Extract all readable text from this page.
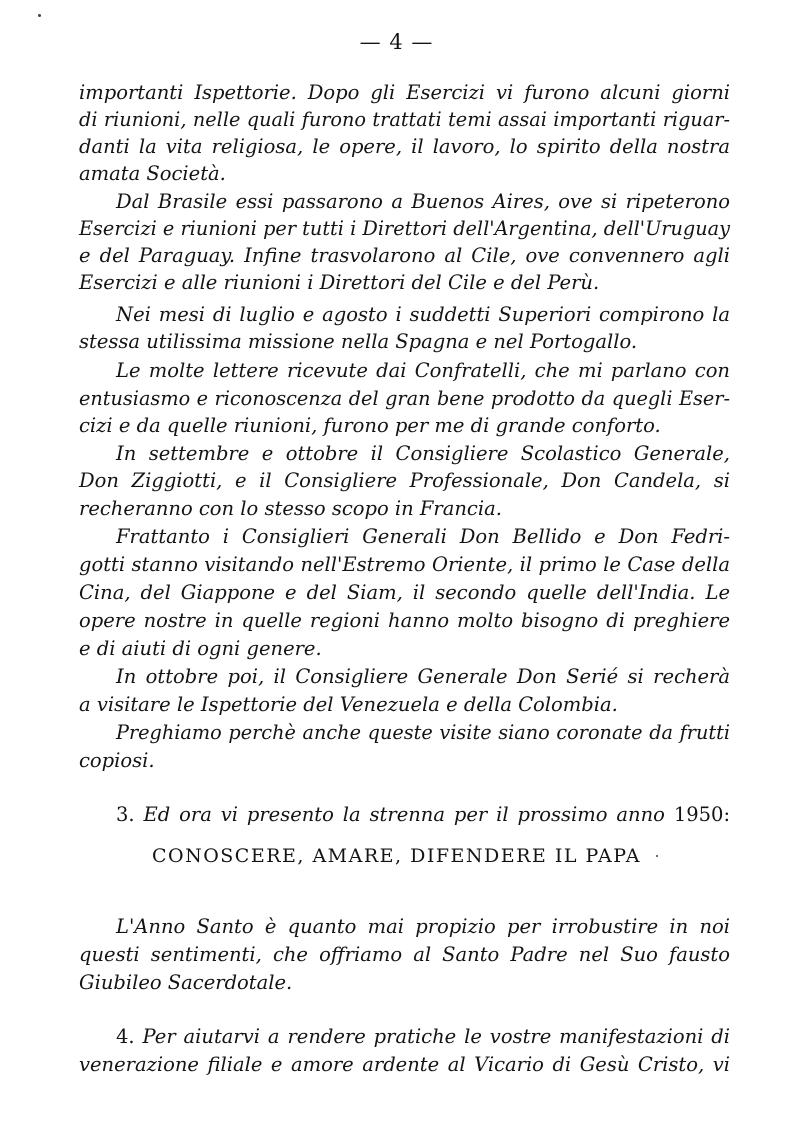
— 4 —
importanti Ispettorie. Dopo gli Esercizi vi furono alcuni giorni
di riunioni, nelle quali furono trattati temi assai importanti riguar-
danti la vita religiosa, le opere, il lavoro, lo spirito della nostra
amata Società.
Dal Brasile essi passarono a Buenos Aires, ove si ripeterono
Esercizi e riunioni per tutti i Direttori dell'Argentina, dell'Uruguay
e del Paraguay. Infine trasvolarono al Cile, ove convennero agli
Esercizi e alle riunioni i Direttori del Cile e del Perù.
Nei mesi di luglio e agosto i suddetti Superiori compirono la
stessa utilissima missione nella Spagna e nel Portogallo.
Le molte lettere ricevute dai Confratelli, che mi parlano con
entusiasmo e riconoscenza del gran bene prodotto da quegli Eser-
cizi e da quelle riunioni, furono per me di grande conforto.
In settembre e ottobre il Consigliere Scolastico Generale,
Don Ziggiotti, e il Consigliere Professionale, Don Candela, si
recheranno con lo stesso scopo in Francia.
Frattanto i Consiglieri Generali Don Bellido e Don Fedri-
gotti stanno visitando nell'Estremo Oriente, il primo le Case della
Cina, del Giappone e del Siam, il secondo quelle dell'India. Le
opere nostre in quelle regioni hanno molto bisogno di preghiere
e di aiuti di ogni genere.
In ottobre poi, il Consigliere Generale Don Serié si recherà
a visitare le Ispettorie del Venezuela e della Colombia.
Preghiamo perchè anche queste visite siano coronate da frutti
copiosi.
3. Ed ora vi presento la strenna per il prossimo anno 1950:
CONOSCERE, AMARE, DIFENDERE IL PAPA
L'Anno Santo è quanto mai propizio per irrobustire in noi
questi sentimenti, che offriamo al Santo Padre nel Suo fausto
Giubileo Sacerdotale.
4. Per aiutarvi a rendere pratiche le vostre manifestazioni di
venerazione filiale e amore ardente al Vicario di Gesù Cristo, vi
